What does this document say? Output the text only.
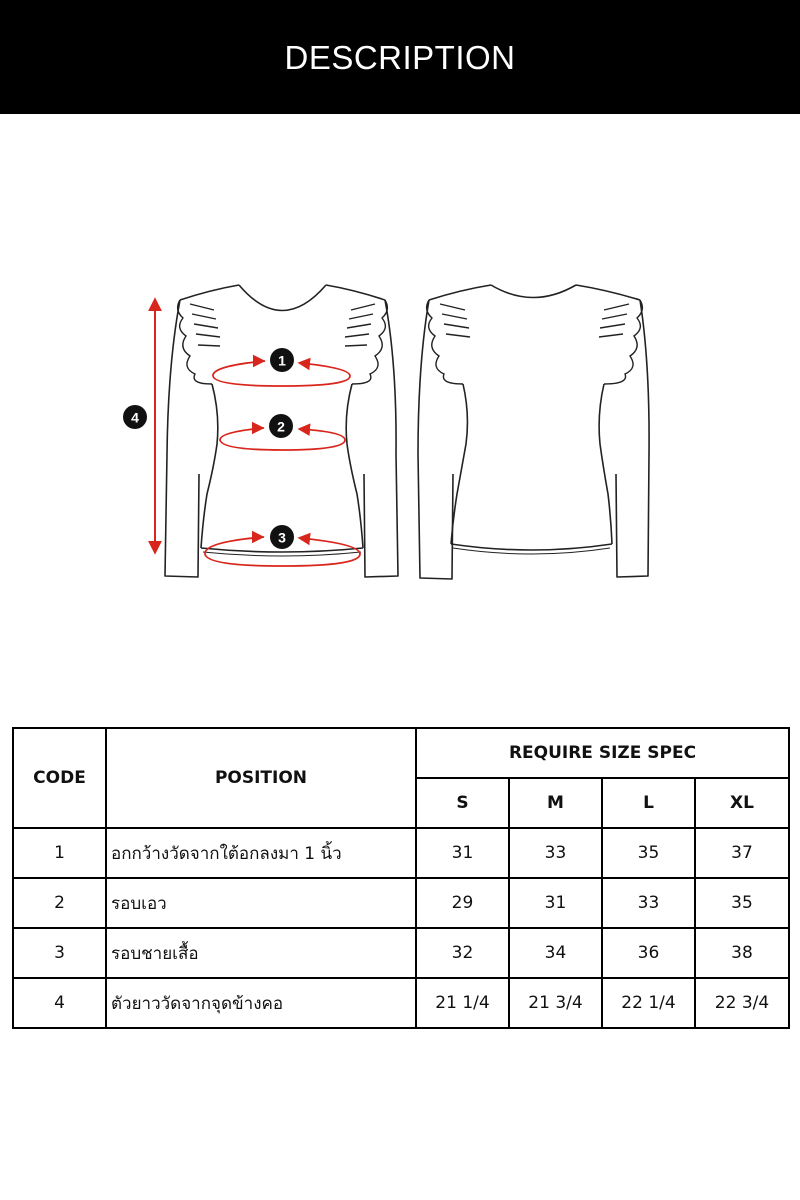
DESCRIPTION
1
2
3
4
CODE	POSITION	REQUIRE SIZE SPEC			
		S	M	L	XL
1	อกกว้างวัดจากใต้อกลงมา 1 นิ้ว	31	33	35	37
2	รอบเอว	29	31	33	35
3	รอบชายเสื้อ	32	34	36	38
4	ตัวยาววัดจากจุดข้างคอ	21 1/4	21 3/4	22 1/4	22 3/4
